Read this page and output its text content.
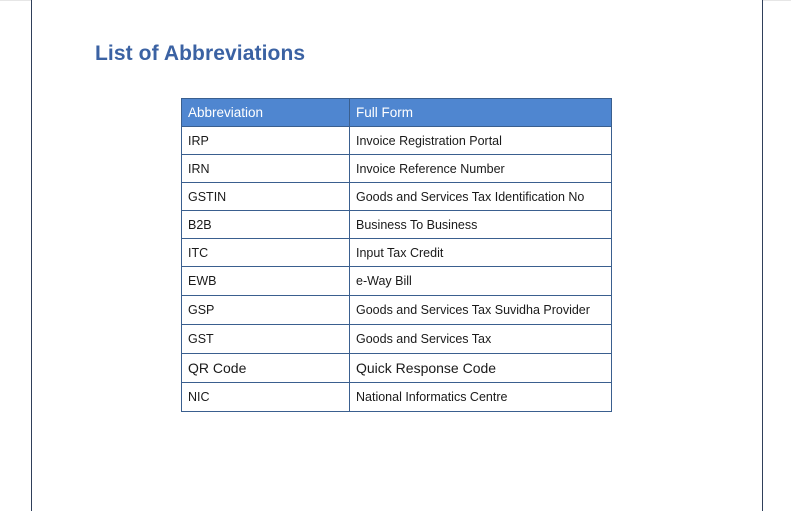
List of Abbreviations
Abbreviation	Full Form
IRP	Invoice Registration Portal
IRN	Invoice Reference Number
GSTIN	Goods and Services Tax Identification No
B2B	Business To Business
ITC	Input Tax Credit
EWB	e-Way Bill
GSP	Goods and Services Tax Suvidha Provider
GST	Goods and Services Tax
QR Code	Quick Response Code
NIC	National Informatics Centre
